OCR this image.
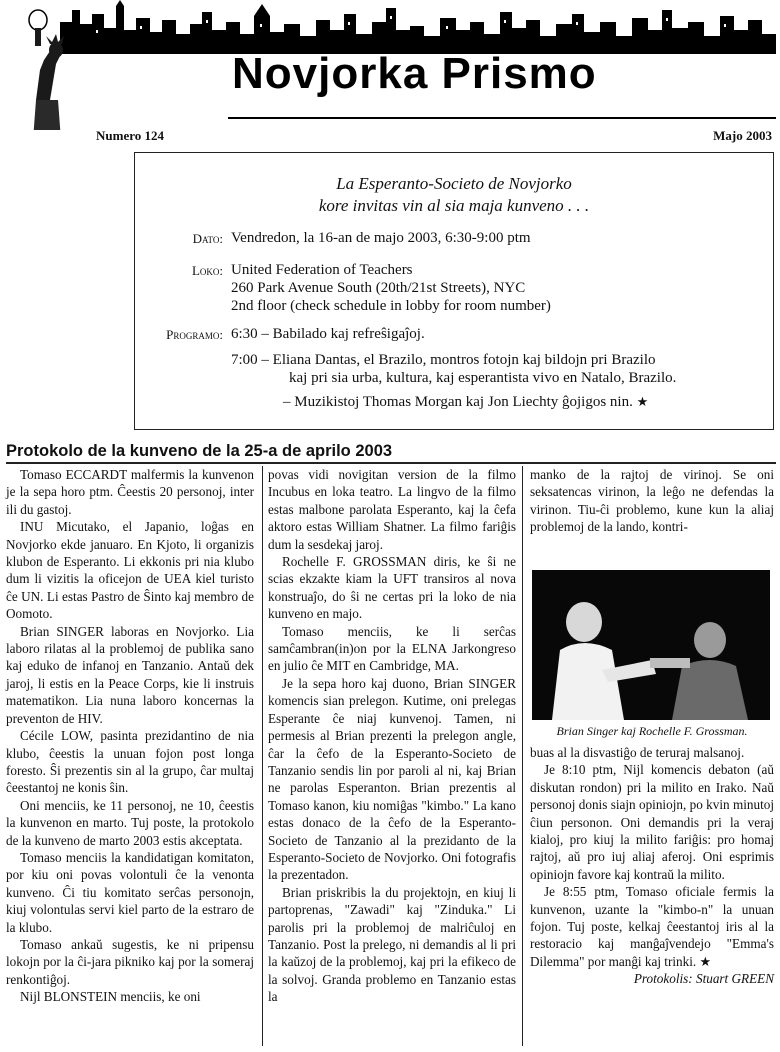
Novjorka Prismo
Numero 124	Majo 2003
La Esperanto-Societo de Novjorko
kore invitas vin al sia maja kunveno . . .
Dato: Vendredon, la 16-an de majo 2003, 6:30-9:00 ptm
Loko: United Federation of Teachers
260 Park Avenue South (20th/21st Streets), NYC
2nd floor (check schedule in lobby for room number)
Programo: 6:30 – Babilado kaj refreŝigaĵoj.
7:00 – Eliana Dantas, el Brazilo, montros fotojn kaj bildojn pri Brazilo
kaj pri sia urba, kultura, kaj esperantista vivo en Natalo, Brazilo.
– Muzikistoj Thomas Morgan kaj Jon Liechty ĝojigos nin. ★
Protokolo de la kunveno de la 25-a de aprilo 2003

Tomaso ECCARDT malfermis la kunvenon je la sepa horo ptm. Ĉeestis 20 personoj, inter ili du gastoj.

INU Micutako, el Japanio, loĝas en Novjorko ekde januaro. En Kjoto, li organizis klubon de Esperanto. Li ekkonis pri nia klubo dum li vizitis la oficejon de UEA kiel turisto ĉe UN. Li estas Pastro de Ŝinto kaj membro de Oomoto.

Brian SINGER laboras en Novjorko. Lia laboro rilatas al la problemoj de publika sano kaj eduko de infanoj en Tanzanio. Antaŭ dek jaroj, li estis en la Peace Corps, kie li instruis matematikon. Lia nuna laboro koncernas la preventon de HIV.

Cécile LOW, pasinta prezidantino de nia klubo, ĉeestis la unuan fojon post longa foresto. Ŝi prezentis sin al la grupo, ĉar multaj ĉeestantoj ne konis ŝin.

Oni menciis, ke 11 personoj, ne 10, ĉeestis la kunvenon en marto. Tuj poste, la protokolo de la kunveno de marto 2003 estis akceptata.

Tomaso menciis la kandidatigan komitaton, por kiu oni povas volontuli ĉe la venonta kunveno. Ĉi tiu komitato serĉas personojn, kiuj volontulas servi kiel parto de la estraro de la klubo.

Tomaso ankaŭ sugestis, ke ni pripensu lokojn por la ĉi-jara pikniko kaj por la someraj renkontiĝoj.

Nijl BLONSTEIN menciis, ke oni

povas vidi novigitan version de la filmo Incubus en loka teatro. La lingvo de la filmo estas malbone parolata Esperanto, kaj la ĉefa aktoro estas William Shatner. La filmo fariĝis dum la sesdekaj jaroj.

Rochelle F. GROSSMAN diris, ke ŝi ne scias ekzakte kiam la UFT transiros al nova konstruaĵo, do ŝi ne certas pri la loko de nia kunveno en majo.

Tomaso menciis, ke li serĉas samĉambran(in)on por la ELNA Jarkongreso en julio ĉe MIT en Cambridge, MA.

Je la sepa horo kaj duono, Brian SINGER komencis sian prelegon. Kutime, oni prelegas Esperante ĉe niaj kunvenoj. Tamen, ni permesis al Brian prezenti la prelegon angle, ĉar la ĉefo de la Esperanto-Societo de Tanzanio sendis lin por paroli al ni, kaj Brian ne parolas Esperanton. Brian prezentis al Tomaso kanon, kiu nomiĝas "kimbo." La kano estas donaco de la ĉefo de la Esperanto-Societo de Tanzanio al la prezidanto de la Esperanto-Societo de Novjorko. Oni fotografis la prezentadon.

Brian priskribis la du projektojn, en kiuj li partoprenas, "Zawadi" kaj "Zinduka." Li parolis pri la problemoj de malriĉuloj en Tanzanio. Post la prelego, ni demandis al li pri la kaŭzoj de la problemoj, kaj pri la efikeco de la solvoj. Granda problemo en Tanzanio estas la

manko de la rajtoj de virinoj. Se oni seksatencas virinon, la leĝo ne defendas la virinon. Tiu-ĉi problemo, kune kun la aliaj problemoj de la lando, kontri-

Brian Singer kaj Rochelle F. Grossman.

buas al la disvastiĝo de teruraj malsanoj.

Je 8:10 ptm, Nijl komencis debaton (aŭ diskutan rondon) pri la milito en Irako. Naŭ personoj donis siajn opiniojn, po kvin minutoj ĉiun personon. Oni demandis pri la veraj kialoj, pro kiuj la milito fariĝis: pro homaj rajtoj, aŭ pro iuj aliaj aferoj. Oni esprimis opiniojn favore kaj kontraŭ la milito.

Je 8:55 ptm, Tomaso oficiale fermis la kunvenon, uzante la "kimbo-n" la unuan fojon. Tuj poste, kelkaj ĉeestantoj iris al la restoracio kaj manĝaĵvendejo "Emma's Dilemma" por manĝi kaj trinki. ★

Protokolis: Stuart GREEN
